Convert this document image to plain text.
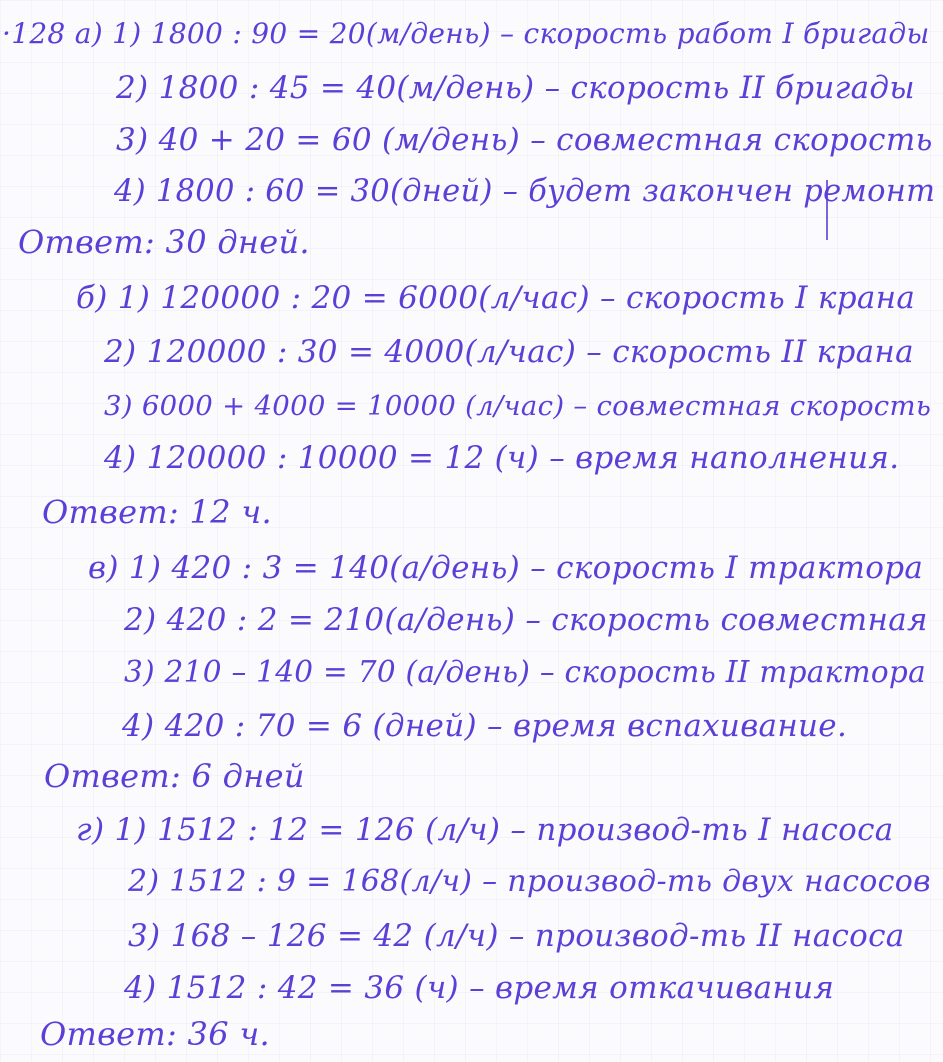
·128 а) 1) 1800 : 90 = 20(м/день) – скорость работ I бригады
2) 1800 : 45 = 40(м/день) – скорость II бригады
3) 40 + 20 = 60 (м/день) – совместная скорость
4) 1800 : 60 = 30(дней) – будет закончен ремонт
Ответ: 30 дней.
б) 1) 120000 : 20 = 6000(л/час) – скорость I крана
2) 120000 : 30 = 4000(л/час) – скорость II крана
3) 6000 + 4000 = 10000 (л/час) – совместная скорость
4) 120000 : 10000 = 12 (ч) – время наполнения.
Ответ: 12 ч.
в) 1) 420 : 3 = 140(а/день) – скорость I трактора
2) 420 : 2 = 210(а/день) – скорость совместная
3) 210 – 140 = 70 (а/день) – скорость II трактора
4) 420 : 70 = 6 (дней) – время вспахивание.
Ответ: 6 дней
г) 1) 1512 : 12 = 126 (л/ч) – производ-ть I насоса
2) 1512 : 9 = 168(л/ч) – производ-ть двух насосов
3) 168 – 126 = 42 (л/ч) – производ-ть II насоса
4) 1512 : 42 = 36 (ч) – время откачивания
Ответ: 36 ч.
